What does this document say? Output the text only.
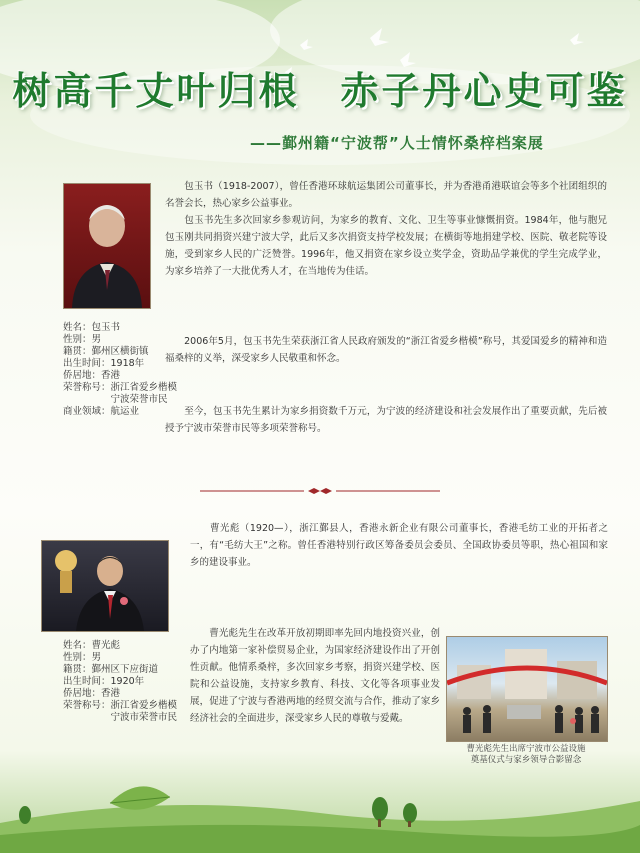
树高千丈叶归根　赤子丹心史可鉴
——鄞州籍“宁波帮”人士情怀桑梓档案展
姓名：包玉书
性别：男
籍贯：鄞州区横街镇
出生时间：1918年
侨居地：香港
荣誉称号：浙江省爱乡楷模
　　　　　宁波荣誉市民
商业领域：航运业

　　包玉书（1918-2007），曾任香港环球航运集团公司董事长，并为香港甬港联谊会等多个社团组织的名誉会长，热心家乡公益事业。

　　包玉书先生多次回家乡参观访问，为家乡的教育、文化、卫生等事业慷慨捐资。1984年，他与胞兄包玉刚共同捐资兴建宁波大学，此后又多次捐资支持学校发展；在横街等地捐建学校、医院、敬老院等设施，受到家乡人民的广泛赞誉。1996年，他又捐资在家乡设立奖学金，资助品学兼优的学生完成学业，为家乡培养了一大批优秀人才，在当地传为佳话。

　　2006年5月，包玉书先生荣获浙江省人民政府颁发的“浙江省爱乡楷模”称号，其爱国爱乡的精神和造福桑梓的义举，深受家乡人民敬重和怀念。

　　至今，包玉书先生累计为家乡捐资数千万元，为宁波的经济建设和社会发展作出了重要贡献，先后被授予宁波市荣誉市民等多项荣誉称号。

姓名：曹光彪
性别：男
籍贯：鄞州区下应街道
出生时间：1920年
侨居地：香港
荣誉称号：浙江省爱乡楷模
　　　　　宁波市荣誉市民

　　曹光彪（1920—），浙江鄞县人，香港永新企业有限公司董事长，香港毛纺工业的开拓者之一，有“毛纺大王”之称。曾任香港特别行政区筹备委员会委员、全国政协委员等职，热心祖国和家乡的建设事业。

　　曹光彪先生在改革开放初期即率先回内地投资兴业，创办了内地第一家补偿贸易企业，为国家经济建设作出了开创性贡献。他情系桑梓，多次回家乡考察，捐资兴建学校、医院和公益设施，支持家乡教育、科技、文化等各项事业发展，促进了宁波与香港两地的经贸交流与合作，推动了家乡经济社会的全面进步，深受家乡人民的尊敬与爱戴。

曹光彪先生出席宁波市公益设施
奠基仪式与家乡领导合影留念
